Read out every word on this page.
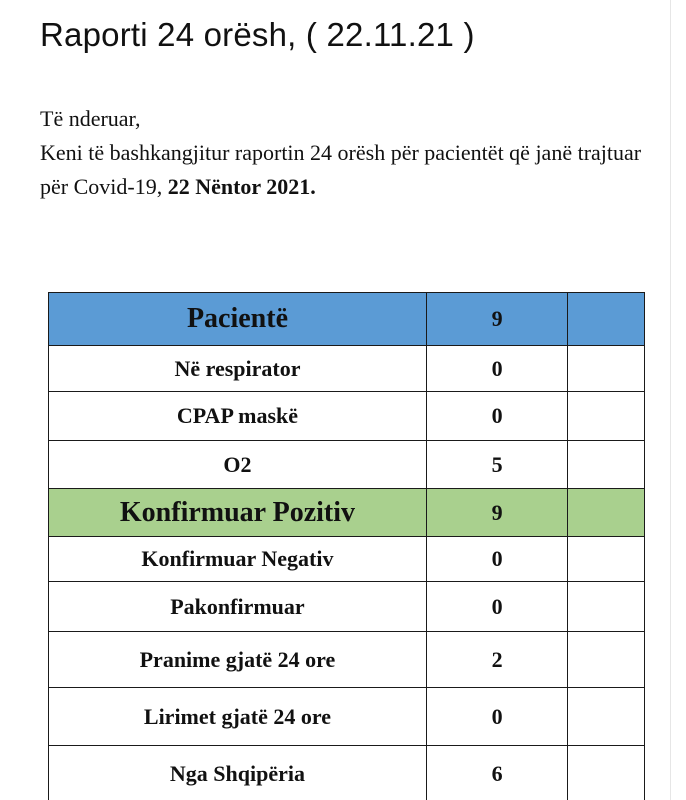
Raporti 24 orësh, ( 22.11.21 )

Të nderuar,

Keni të bashkangjitur raportin 24 orësh për pacientët që janë trajtuar për Covid-19, 22 Nëntor 2021.

Pacientë	9	
Në respirator	0	
CPAP maskë	0	
O2	5	
Konfirmuar Pozitiv	9	
Konfirmuar Negativ	0	
Pakonfirmuar	0	
Pranime gjatë 24 ore	2	
Lirimet gjatë 24 ore	0	
Nga Shqipëria	6	
